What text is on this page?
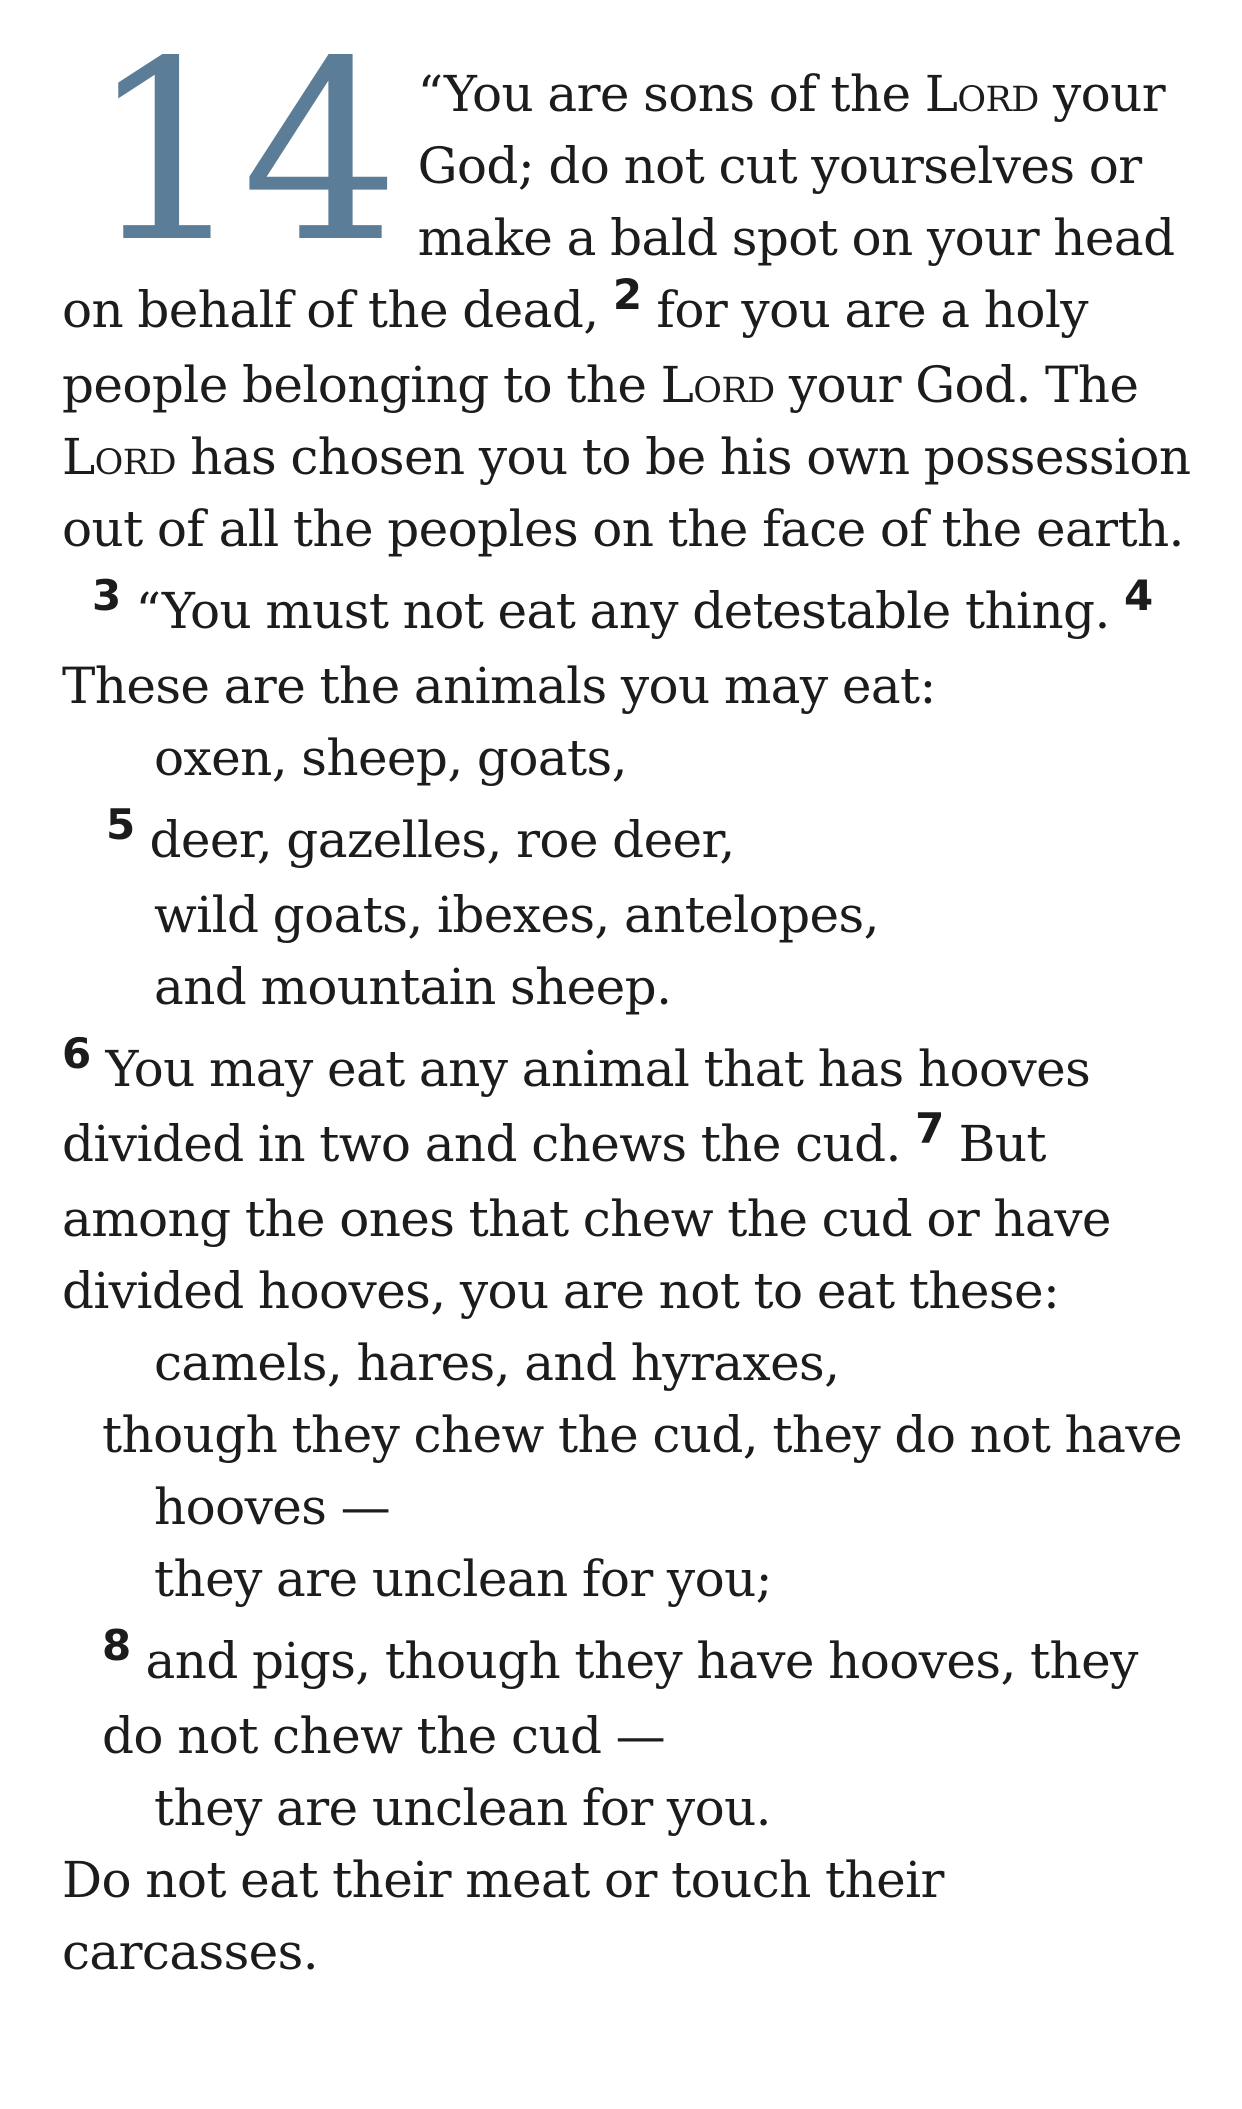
14 “You are sons of the Lord your God; do not cut yourselves or make a bald spot on your head on behalf of the dead, $^2$ for you are a holy people belonging to the Lord your God. The Lord has chosen you to be his own possession out of all the peoples on the face of the earth.

$^3$ “You must not eat any detestable thing. $^4$

These are the animals you may eat:

oxen, sheep, goats,

$^5$ deer, gazelles, roe deer,

wild goats, ibexes, antelopes,

and mountain sheep.

$^6$ You may eat any animal that has hooves divided in two and chews the cud. $^7$ But among the ones that chew the cud or have divided hooves, you are not to eat these:

camels, hares, and hyraxes,

though they chew the cud, they do not have hooves —

they are unclean for you;

$^8$ and pigs, though they have hooves, they do not chew the cud —

they are unclean for you.

Do not eat their meat or touch their carcasses.
